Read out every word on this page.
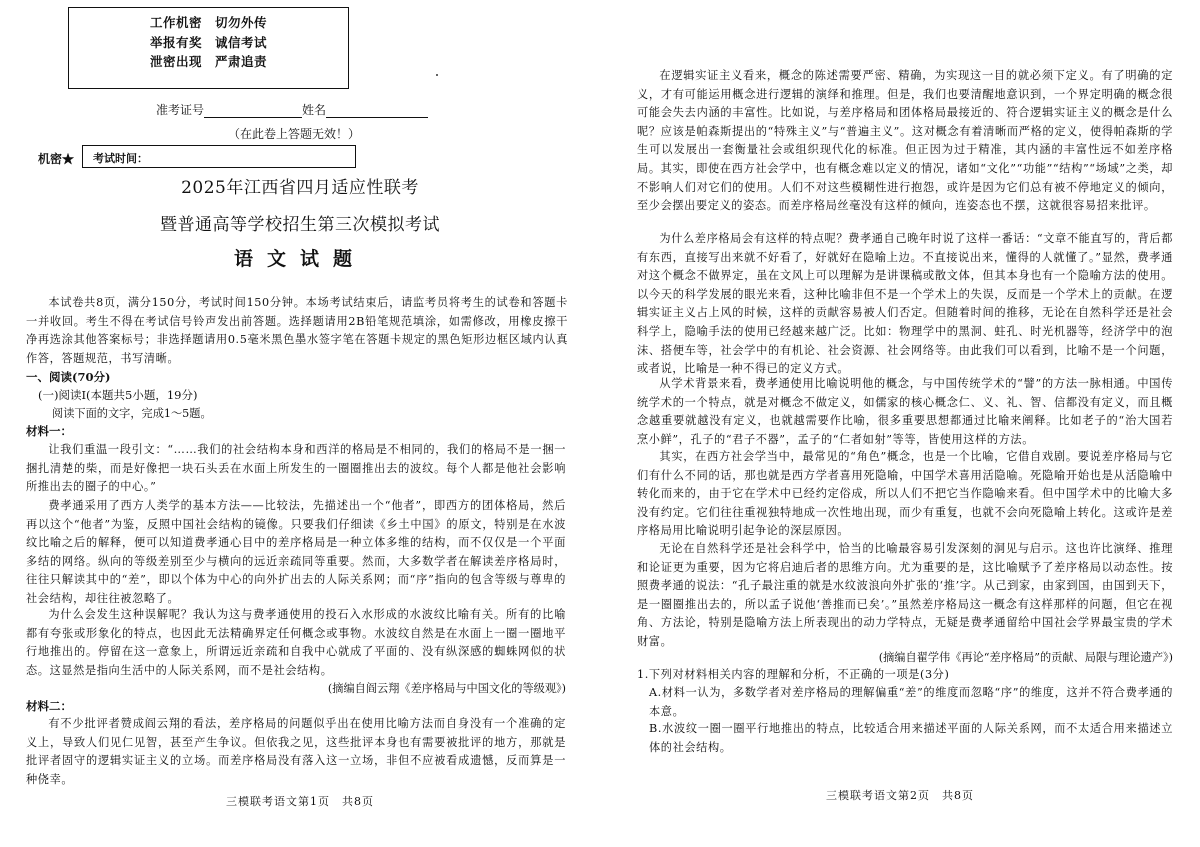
工作机密　切勿外传
举报有奖　诚信考试
泄密出现　严肃追责
准考证号	姓名
（在此卷上答题无效！）
机密★ 考试时间：
2025年江西省四月适应性联考
暨普通高等学校招生第三次模拟考试
语文试题
本试卷共8页，满分150分，考试时间150分钟。本场考试结束后，请监考员将考生的试卷和答题卡一并收回。考生不得在考试信号铃声发出前答题。选择题请用2B铅笔规范填涂，如需修改，用橡皮擦干净再选涂其他答案标号；非选择题请用0.5毫米黑色墨水签字笔在答题卡规定的黑色矩形边框区域内认真作答，答题规范，书写清晰。
一、阅读(70分)
(一)阅读Ⅰ(本题共5小题，19分)
阅读下面的文字，完成1～5题。
材料一：
让我们重温一段引文：“……我们的社会结构本身和西洋的格局是不相同的，我们的格局不是一捆一捆扎清楚的柴，而是好像把一块石头丢在水面上所发生的一圈圈推出去的波纹。每个人都是他社会影响所推出去的圈子的中心。”
费孝通采用了西方人类学的基本方法——比较法，先描述出一个“他者”，即西方的团体格局，然后再以这个“他者”为鉴，反照中国社会结构的镜像。只要我们仔细读《乡土中国》的原文，特别是在水波纹比喻之后的解释，便可以知道费孝通心目中的差序格局是一种立体多维的结构，而不仅仅是一个平面多结的网络。纵向的等级差别至少与横向的远近亲疏同等重要。然而，大多数学者在解读差序格局时，往往只解读其中的“差”，即以个体为中心的向外扩出去的人际关系网；而“序”指向的包含等级与尊卑的社会结构，却往往被忽略了。
为什么会发生这种误解呢？我认为这与费孝通使用的投石入水形成的水波纹比喻有关。所有的比喻都有夸张或形象化的特点，也因此无法精确界定任何概念或事物。水波纹自然是在水面上一圈一圈地平行地推出的。停留在这一意象上，所谓远近亲疏和自我中心就成了平面的、没有纵深感的蜘蛛网似的状态。这显然是指向生活中的人际关系网，而不是社会结构。
(摘编自阎云翔《差序格局与中国文化的等级观》)
材料二：
有不少批评者赞成阎云翔的看法，差序格局的问题似乎出在使用比喻方法而自身没有一个准确的定义上，导致人们见仁见智，甚至产生争议。但依我之见，这些批评本身也有需要被批评的地方，那就是批评者固守的逻辑实证主义的立场。而差序格局没有落入这一立场，非但不应被看成遗憾，反而算是一种侥幸。
三模联考语文第1页　共8页
在逻辑实证主义看来，概念的陈述需要严密、精确，为实现这一目的就必须下定义。有了明确的定义，才有可能运用概念进行逻辑的演绎和推理。但是，我们也要清醒地意识到，一个界定明确的概念很可能会失去内涵的丰富性。比如说，与差序格局和团体格局最接近的、符合逻辑实证主义的概念是什么呢？应该是帕森斯提出的“特殊主义”与“普遍主义”。这对概念有着清晰而严格的定义，使得帕森斯的学生可以发展出一套衡量社会或组织现代化的标准。但正因为过于精准，其内涵的丰富性远不如差序格局。其实，即使在西方社会学中，也有概念难以定义的情况，诸如“文化”“功能”“结构”“场域”之类，却不影响人们对它们的使用。人们不对这些模糊性进行抱怨，或许是因为它们总有被不停地定义的倾向，至少会摆出要定义的姿态。而差序格局丝毫没有这样的倾向，连姿态也不摆，这就很容易招来批评。
为什么差序格局会有这样的特点呢？费孝通自己晚年时说了这样一番话：“文章不能直写的，背后都有东西，直接写出来就不好看了，好就好在隐喻上边。不直接说出来，懂得的人就懂了。”显然，费孝通对这个概念不做界定，虽在文风上可以理解为是讲课稿或散文体，但其本身也有一个隐喻方法的使用。以今天的科学发展的眼光来看，这种比喻非但不是一个学术上的失误，反而是一个学术上的贡献。在逻辑实证主义占上风的时候，这样的贡献容易被人们否定。但随着时间的推移，无论在自然科学还是社会科学上，隐喻手法的使用已经越来越广泛。比如：物理学中的黑洞、蛀孔、时光机器等，经济学中的泡沫、搭便车等，社会学中的有机论、社会资源、社会网络等。由此我们可以看到，比喻不是一个问题，或者说，比喻是一种不得已的定义方式。
从学术背景来看，费孝通使用比喻说明他的概念，与中国传统学术的“譬”的方法一脉相通。中国传统学术的一个特点，就是对概念不做定义，如儒家的核心概念仁、义、礼、智、信都没有定义，而且概念越重要就越没有定义，也就越需要作比喻，很多重要思想都通过比喻来阐释。比如老子的“治大国若烹小鲜”，孔子的“君子不器”，孟子的“仁者如射”等等，皆使用这样的方法。
其实，在西方社会学当中，最常见的“角色”概念，也是一个比喻，它借自戏剧。要说差序格局与它们有什么不同的话，那也就是西方学者喜用死隐喻，中国学术喜用活隐喻。死隐喻开始也是从活隐喻中转化而来的，由于它在学术中已经约定俗成，所以人们不把它当作隐喻来看。但中国学术中的比喻大多没有约定。它们往往重视独特地成一次性地出现，而少有重复，也就不会向死隐喻上转化。这或许是差序格局用比喻说明引起争论的深层原因。
无论在自然科学还是社会科学中，恰当的比喻最容易引发深刻的洞见与启示。这也许比演绎、推理和论证更为重要，因为它将启迪后者的思维方向。尤为重要的是，这比喻赋予了差序格局以动态性。按照费孝通的说法：“孔子最注重的就是水纹波浪向外扩张的‘推’字。从己到家，由家到国，由国到天下，是一圈圈推出去的，所以孟子说他‘善推而已矣’。”虽然差序格局这一概念有这样那样的问题，但它在视角、方法论，特别是隐喻方法上所表现出的动力学特点，无疑是费孝通留给中国社会学界最宝贵的学术财富。
(摘编自翟学伟《再论“差序格局”的贡献、局限与理论遗产》)
1.下列对材料相关内容的理解和分析，不正确的一项是(3分)
A.材料一认为，多数学者对差序格局的理解偏重“差”的维度而忽略“序”的维度，这并不符合费孝通的本意。
B.水波纹一圈一圈平行地推出的特点，比较适合用来描述平面的人际关系网，而不太适合用来描述立体的社会结构。
三模联考语文第2页　共8页
